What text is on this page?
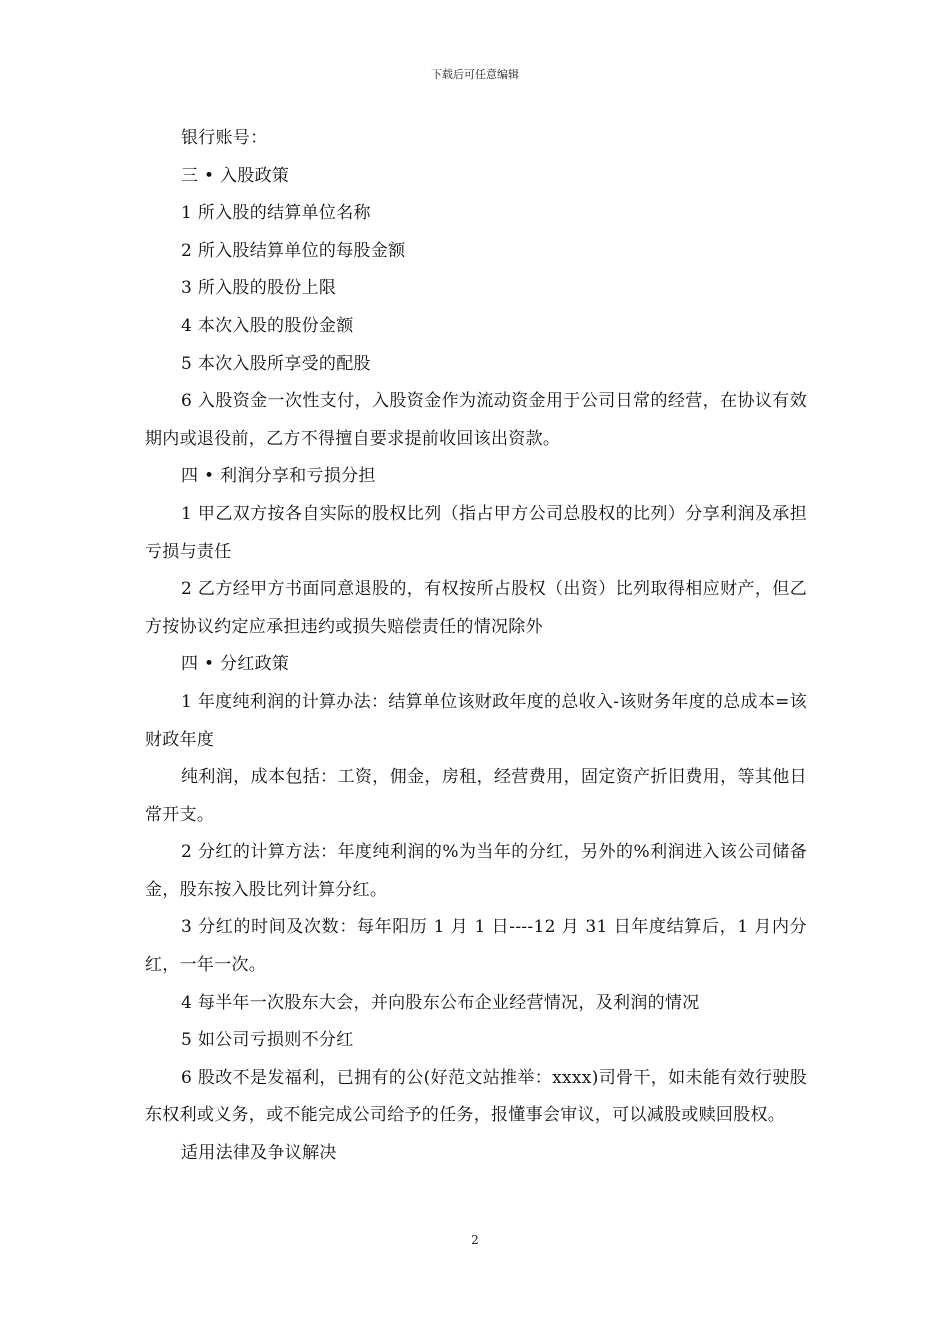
下载后可任意编辑

银行账号：

三 • 入股政策

1 所入股的结算单位名称

2 所入股结算单位的每股金额

3 所入股的股份上限

4 本次入股的股份金额

5 本次入股所享受的配股

6 入股资金一次性支付，入股资金作为流动资金用于公司日常的经营，在协议有效期内或退役前，乙方不得擅自要求提前收回该出资款。

四 • 利润分享和亏损分担

1 甲乙双方按各自实际的股权比列（指占甲方公司总股权的比列）分享利润及承担亏损与责任

2 乙方经甲方书面同意退股的，有权按所占股权（出资）比列取得相应财产，但乙方按协议约定应承担违约或损失赔偿责任的情况除外

四 • 分红政策

1 年度纯利润的计算办法：结算单位该财政年度的总收入-该财务年度的总成本=该财政年度

纯利润，成本包括：工资，佣金，房租，经营费用，固定资产折旧费用，等其他日常开支。

2 分红的计算方法：年度纯利润的%为当年的分红，另外的%利润进入该公司储备金，股东按入股比列计算分红。

3 分红的时间及次数：每年阳历 1 月 1 日----12 月 31 日年度结算后，1 月内分红，一年一次。

4 每半年一次股东大会，并向股东公布企业经营情况，及利润的情况

5 如公司亏损则不分红

6 股改不是发福利，已拥有的公(好范文站推举：xxxx)司骨干，如未能有效行驶股东权利或义务，或不能完成公司给予的任务，报懂事会审议，可以减股或赎回股权。

适用法律及争议解决

2
